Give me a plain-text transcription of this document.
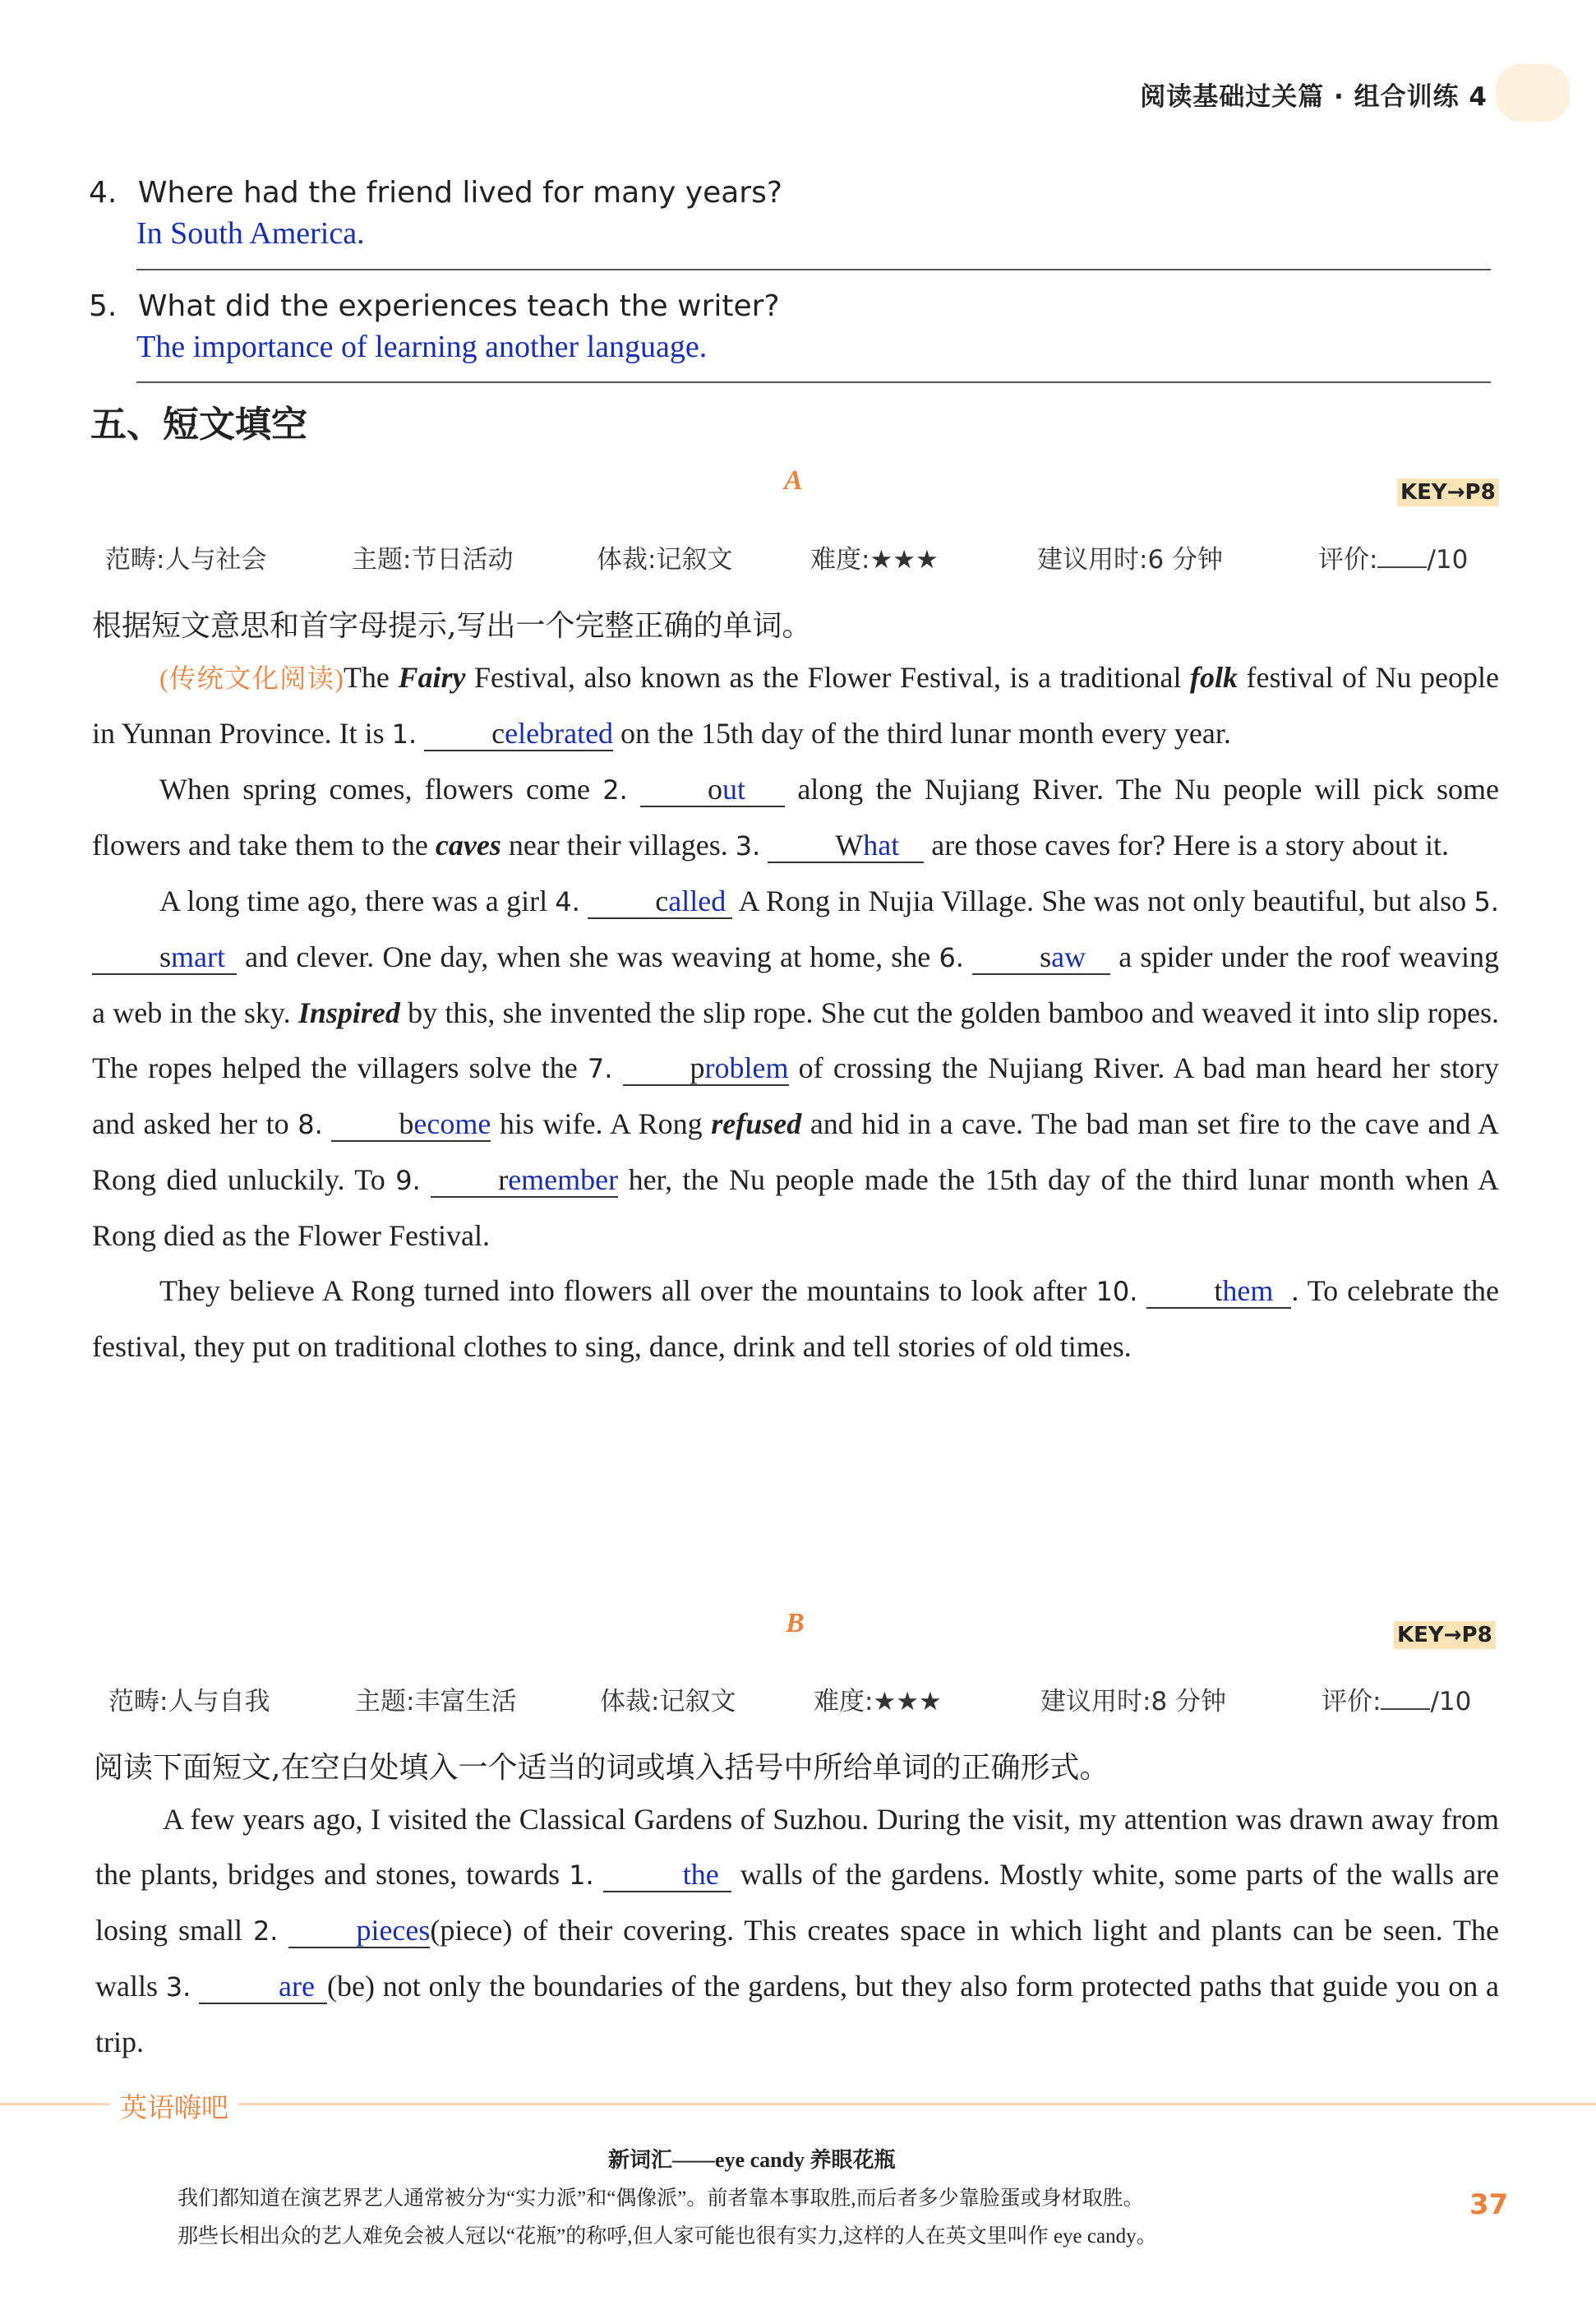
阅读基础过关篇 · 组合训练 4
4. Where had the friend lived for many years?
In South America.
5. What did the experiences teach the writer?
The importance of learning another language.
五、短文填空
A	KEY→P8
范畴:人与社会	主题:节日活动	体裁:记叙文	难度:★★★	建议用时:6 分钟	评价: /10
根据短文意思和首字母提示,写出一个完整正确的单词。

(传统文化阅读)The Fairy Festival, also known as the Flower Festival, is a traditional folk festival of Nu people in Yunnan Province. It is 1.	celebrated on the 15th day of the third lunar month every year.

When spring comes, flowers come 2.	out along the Nujiang River. The Nu people will pick some flowers and take them to the caves near their villages. 3.	What are those caves for? Here is a story about it.

A long time ago, there was a girl 4.	called A Rong in Nujia Village. She was not only beautiful, but also 5. smart and clever. One day, when she was weaving at home, she 6.	saw a spider under the roof weaving a web in the sky. Inspired by this, she invented the slip rope. She cut the golden bamboo and weaved it into slip ropes. The ropes helped the villagers solve the 7.	problem of crossing the Nujiang River. A bad man heard her story and asked her to 8.	become his wife. A Rong refused and hid in a cave. The bad man set fire to the cave and A Rong died unluckily. To 9.	remember her, the Nu people made the 15th day of the third lunar month when A Rong died as the Flower Festival.

They believe A Rong turned into flowers all over the mountains to look after 10.	them . To celebrate the festival, they put on traditional clothes to sing, dance, drink and tell stories of old times.

B	KEY→P8
范畴:人与自我	主题:丰富生活	体裁:记叙文	难度:★★★	建议用时:8 分钟	评价: /10
阅读下面短文,在空白处填入一个适当的词或填入括号中所给单词的正确形式。

A few years ago, I visited the Classical Gardens of Suzhou. During the visit, my attention was drawn away from the plants, bridges and stones, towards 1.	the walls of the gardens. Mostly white, some parts of the walls are losing small 2.	pieces(piece) of their covering. This creates space in which light and plants can be seen. The walls 3.	are (be) not only the boundaries of the gardens, but they also form protected paths that guide you on a trip.

英语嗨吧
新词汇——eye candy 养眼花瓶
我们都知道在演艺界艺人通常被分为“实力派”和“偶像派”。前者靠本事取胜,而后者多少靠脸蛋或身材取胜。
那些长相出众的艺人难免会被人冠以“花瓶”的称呼,但人家可能也很有实力,这样的人在英文里叫作 eye candy。
37
